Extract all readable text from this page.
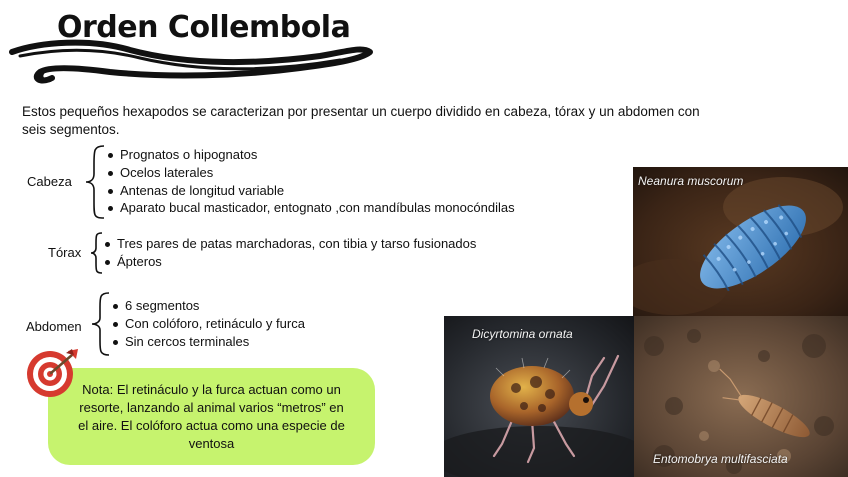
Orden Collembola

Estos pequeños hexapodos se caracterizan por presentar un cuerpo dividido en cabeza, tórax y un abdomen con seis segmentos.

Cabeza
Prognatos o hipognatos
Ocelos laterales
Antenas de longitud variable
Aparato bucal masticador, entognato ,con mandíbulas monocóndilas
Tórax
Tres pares de patas marchadoras, con tibia y tarso fusionados
Ápteros
Abdomen
6 segmentos
Con colóforo, retináculo y furca
Sin cercos terminales
Nota: El retináculo y la furca actuan como un resorte, lanzando al animal varios “metros” en el aire. El colóforo actua como una especie de ventosa
Neanura muscorum
Dicyrtomina ornata
Entomobrya multifasciata
